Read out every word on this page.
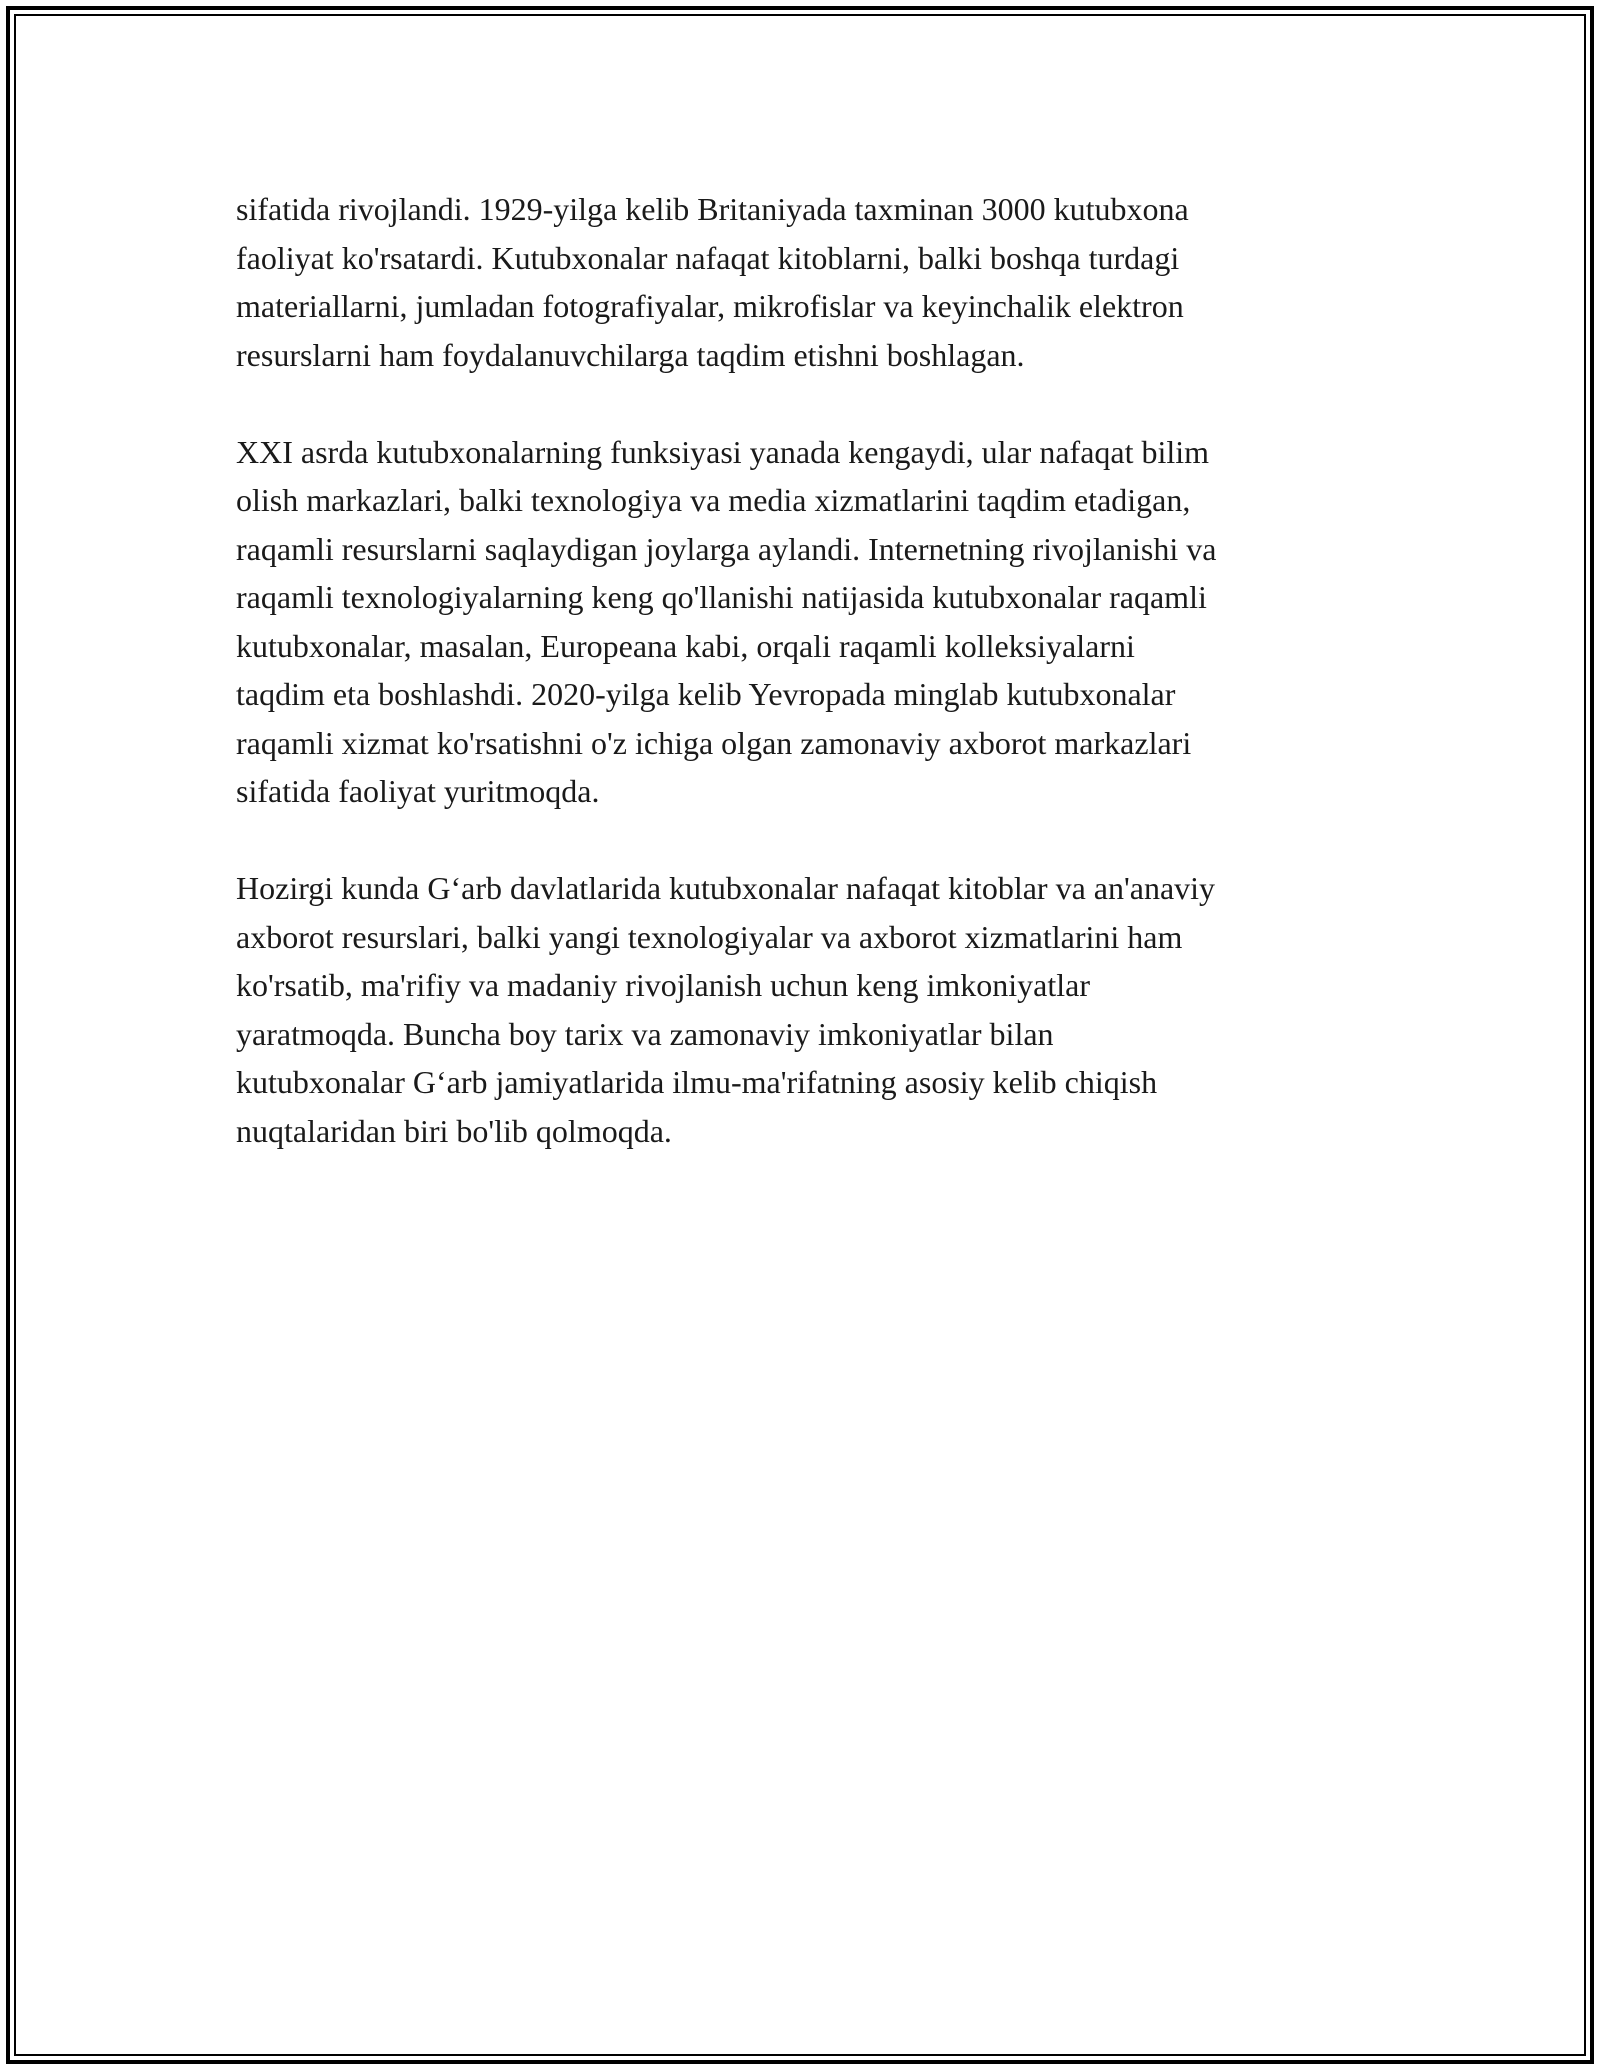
sifatida rivojlandi. 1929-yilga kelib Britaniyada taxminan 3000 kutubxona
faoliyat ko'rsatardi. Kutubxonalar nafaqat kitoblarni, balki boshqa turdagi
materiallarni, jumladan fotografiyalar, mikrofislar va keyinchalik elektron
resurslarni ham foydalanuvchilarga taqdim etishni boshlagan.

XXI asrda kutubxonalarning funksiyasi yanada kengaydi, ular nafaqat bilim
olish markazlari, balki texnologiya va media xizmatlarini taqdim etadigan,
raqamli resurslarni saqlaydigan joylarga aylandi. Internetning rivojlanishi va
raqamli texnologiyalarning keng qo'llanishi natijasida kutubxonalar raqamli
kutubxonalar, masalan, Europeana kabi, orqali raqamli kolleksiyalarni
taqdim eta boshlashdi. 2020-yilga kelib Yevropada minglab kutubxonalar
raqamli xizmat ko'rsatishni o'z ichiga olgan zamonaviy axborot markazlari
sifatida faoliyat yuritmoqda.

Hozirgi kunda G‘arb davlatlarida kutubxonalar nafaqat kitoblar va an'anaviy
axborot resurslari, balki yangi texnologiyalar va axborot xizmatlarini ham
ko'rsatib, ma'rifiy va madaniy rivojlanish uchun keng imkoniyatlar
yaratmoqda. Buncha boy tarix va zamonaviy imkoniyatlar bilan
kutubxonalar G‘arb jamiyatlarida ilmu-ma'rifatning asosiy kelib chiqish
nuqtalaridan biri bo'lib qolmoqda.
